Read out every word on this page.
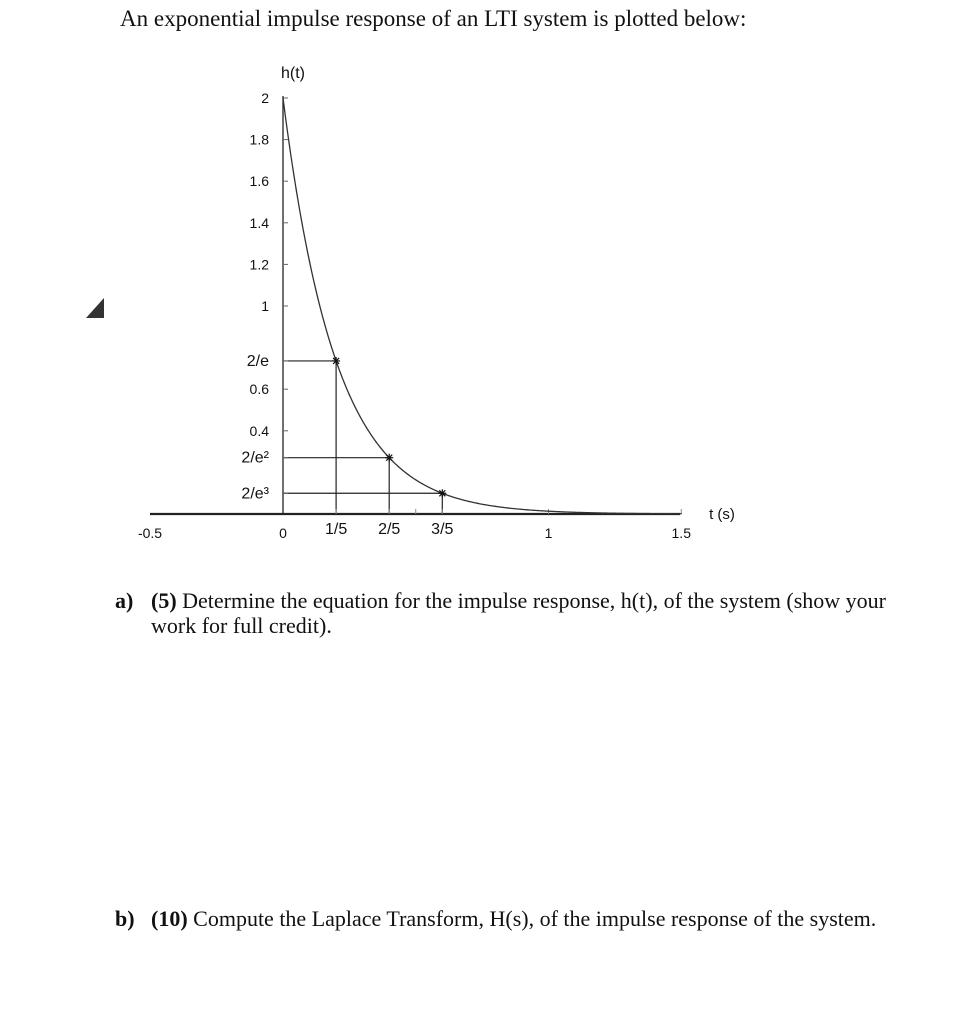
An exponential impulse response of an LTI system is plotted below:

-0.5	0 1/5 2/5 3/5	1	1.5
2
1.8
1.6
1.4
1.2
1
2/e
0.6
0.4
2/e²
2/e³
h(t)
t (s)
a) (5) Determine the equation for the impulse response, h(t), of the system (show your work for full credit).
b) (10) Compute the Laplace Transform, H(s), of the impulse response of the system.
